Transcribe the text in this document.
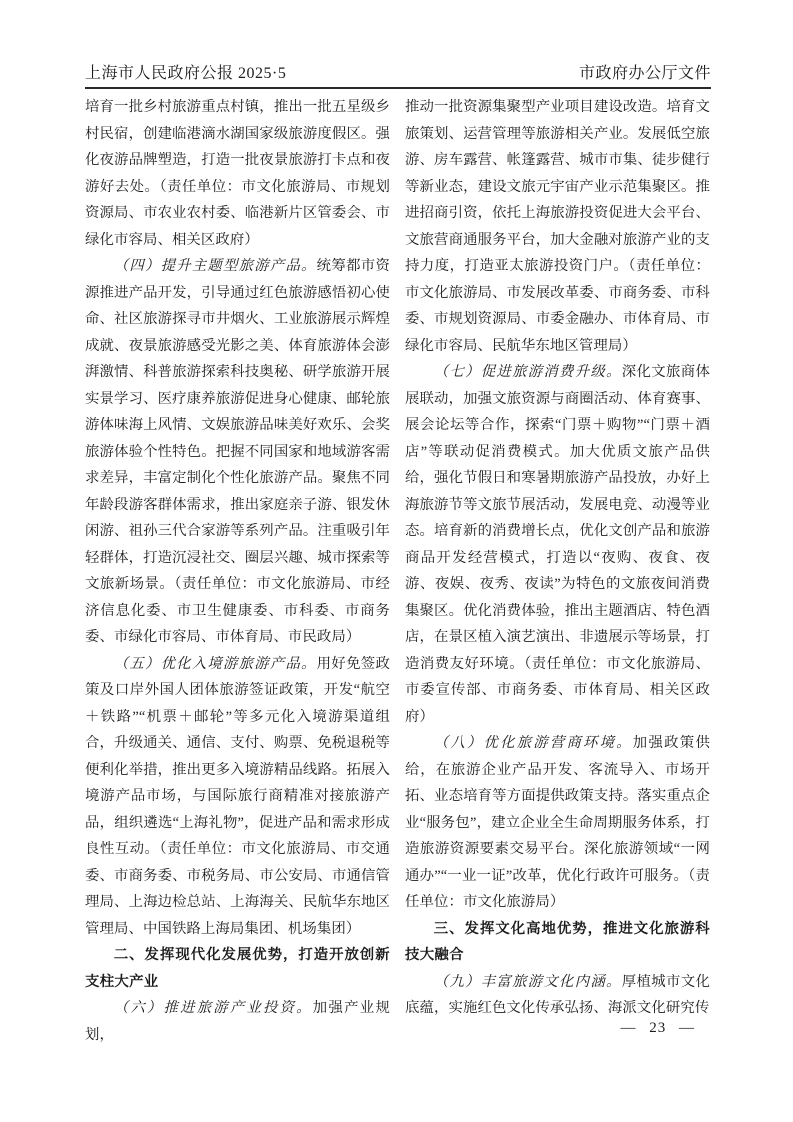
上海市人民政府公报 2025·5	市政府办公厅文件

培育一批乡村旅游重点村镇，推出一批五星级乡村民宿，创建临港滴水湖国家级旅游度假区。强化夜游品牌塑造，打造一批夜景旅游打卡点和夜游好去处。（责任单位：市文化旅游局、市规划资源局、市农业农村委、临港新片区管委会、市绿化市容局、相关区政府）

（四）提升主题型旅游产品。统筹都市资源推进产品开发，引导通过红色旅游感悟初心使命、社区旅游探寻市井烟火、工业旅游展示辉煌成就、夜景旅游感受光影之美、体育旅游体会澎湃激情、科普旅游探索科技奥秘、研学旅游开展实景学习、医疗康养旅游促进身心健康、邮轮旅游体味海上风情、文娱旅游品味美好欢乐、会奖旅游体验个性特色。把握不同国家和地域游客需求差异，丰富定制化个性化旅游产品。聚焦不同年龄段游客群体需求，推出家庭亲子游、银发休闲游、祖孙三代合家游等系列产品。注重吸引年轻群体，打造沉浸社交、圈层兴趣、城市探索等文旅新场景。（责任单位：市文化旅游局、市经济信息化委、市卫生健康委、市科委、市商务委、市绿化市容局、市体育局、市民政局）

（五）优化入境游旅游产品。用好免签政策及口岸外国人团体旅游签证政策，开发“航空＋铁路”“机票＋邮轮”等多元化入境游渠道组合，升级通关、通信、支付、购票、免税退税等便利化举措，推出更多入境游精品线路。拓展入境游产品市场，与国际旅行商精准对接旅游产品，组织遴选“上海礼物”，促进产品和需求形成良性互动。（责任单位：市文化旅游局、市交通委、市商务委、市税务局、市公安局、市通信管理局、上海边检总站、上海海关、民航华东地区管理局、中国铁路上海局集团、机场集团）

二、发挥现代化发展优势，打造开放创新支柱大产业

（六）推进旅游产业投资。加强产业规划，

推动一批资源集聚型产业项目建设改造。培育文旅策划、运营管理等旅游相关产业。发展低空旅游、房车露营、帐篷露营、城市市集、徒步健行等新业态，建设文旅元宇宙产业示范集聚区。推进招商引资，依托上海旅游投资促进大会平台、文旅营商通服务平台，加大金融对旅游产业的支持力度，打造亚太旅游投资门户。（责任单位：市文化旅游局、市发展改革委、市商务委、市科委、市规划资源局、市委金融办、市体育局、市绿化市容局、民航华东地区管理局）

（七）促进旅游消费升级。深化文旅商体展联动，加强文旅资源与商圈活动、体育赛事、展会论坛等合作，探索“门票＋购物”“门票＋酒店”等联动促消费模式。加大优质文旅产品供给，强化节假日和寒暑期旅游产品投放，办好上海旅游节等文旅节展活动，发展电竞、动漫等业态。培育新的消费增长点，优化文创产品和旅游商品开发经营模式，打造以“夜购、夜食、夜游、夜娱、夜秀、夜读”为特色的文旅夜间消费集聚区。优化消费体验，推出主题酒店、特色酒店，在景区植入演艺演出、非遗展示等场景，打造消费友好环境。（责任单位：市文化旅游局、市委宣传部、市商务委、市体育局、相关区政府）

（八）优化旅游营商环境。加强政策供给，在旅游企业产品开发、客流导入、市场开拓、业态培育等方面提供政策支持。落实重点企业“服务包”，建立企业全生命周期服务体系，打造旅游资源要素交易平台。深化旅游领域“一网通办”“一业一证”改革，优化行政许可服务。（责任单位：市文化旅游局）

三、发挥文化高地优势，推进文化旅游科技大融合

（九）丰富旅游文化内涵。厚植城市文化底蕴，实施红色文化传承弘扬、海派文化研究传

— 23 —
